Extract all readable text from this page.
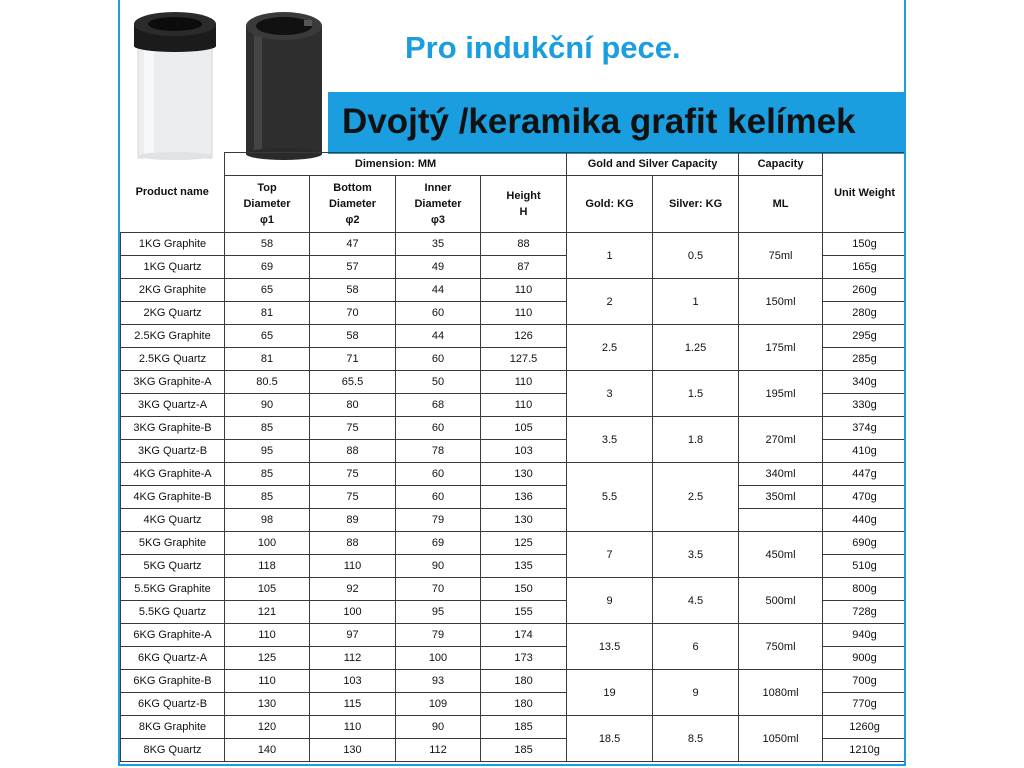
Pro indukční pece.
Dvojtý /keramika grafit kelímek
Product name	Dimension: MM				Gold and Silver Capacity		Capacity	Unit Weight
	Top
Diameter
φ1	Bottom
Diameter
φ2	Inner
Diameter
φ3	Height
H	Gold: KG	Silver: KG	ML	
1KG Graphite	58	47	35	88	1	0.5	75ml	150g
1KG Quartz	69	57	49	87				165g
2KG Graphite	65	58	44	110	2	1	150ml	260g
2KG Quartz	81	70	60	110				280g
2.5KG Graphite	65	58	44	126	2.5	1.25	175ml	295g
2.5KG Quartz	81	71	60	127.5				285g
3KG Graphite-A	80.5	65.5	50	110	3	1.5	195ml	340g
3KG Quartz-A	90	80	68	110				330g
3KG Graphite-B	85	75	60	105	3.5	1.8	270ml	374g
3KG Quartz-B	95	88	78	103				410g
4KG Graphite-A	85	75	60	130	5.5	2.5	340ml	447g
4KG Graphite-B	85	75	60	136			350ml	470g
4KG Quartz	98	89	79	130				440g
5KG Graphite	100	88	69	125	7	3.5	450ml	690g
5KG Quartz	118	110	90	135				510g
5.5KG Graphite	105	92	70	150	9	4.5	500ml	800g
5.5KG Quartz	121	100	95	155				728g
6KG Graphite-A	110	97	79	174	13.5	6	750ml	940g
6KG Quartz-A	125	112	100	173				900g
6KG Graphite-B	110	103	93	180	19	9	1080ml	700g
6KG Quartz-B	130	115	109	180				770g
8KG Graphite	120	110	90	185	18.5	8.5	1050ml	1260g
8KG Quartz	140	130	112	185				1210g
